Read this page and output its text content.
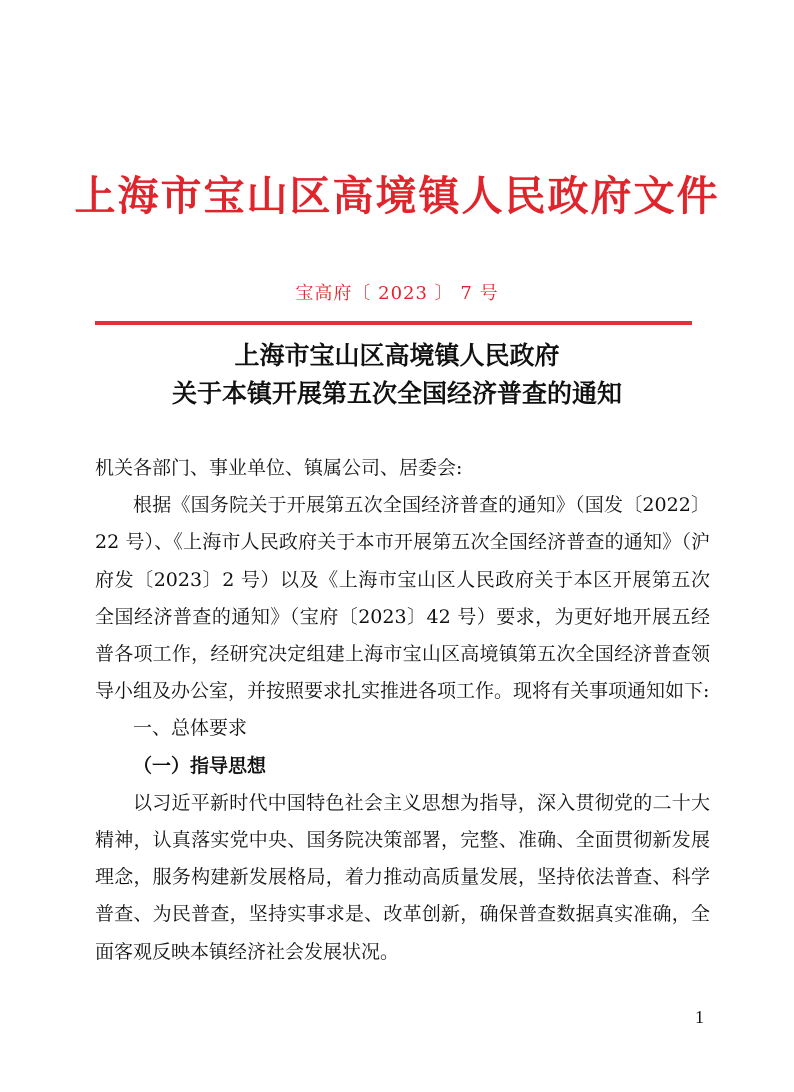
上海市宝山区高境镇人民政府文件
宝高府〔 2023 〕 7 号
上海市宝山区高境镇人民政府
关于本镇开展第五次全国经济普查的通知

机关各部门、事业单位、镇属公司、居委会:

根据《国务院关于开展第五次全国经济普查的通知》（国发〔2022〕22 号）、《上海市人民政府关于本市开展第五次全国经济普查的通知》（沪府发〔2023〕2 号）以及《上海市宝山区人民政府关于本区开展第五次全国经济普查的通知》（宝府〔2023〕42 号）要求，为更好地开展五经普各项工作，经研究决定组建上海市宝山区高境镇第五次全国经济普查领导小组及办公室，并按照要求扎实推进各项工作。现将有关事项通知如下:

一、总体要求

（一）指导思想

以习近平新时代中国特色社会主义思想为指导，深入贯彻党的二十大精神，认真落实党中央、国务院决策部署，完整、准确、全面贯彻新发展理念，服务构建新发展格局，着力推动高质量发展，坚持依法普查、科学普查、为民普查，坚持实事求是、改革创新，确保普查数据真实准确，全面客观反映本镇经济社会发展状况。

1
